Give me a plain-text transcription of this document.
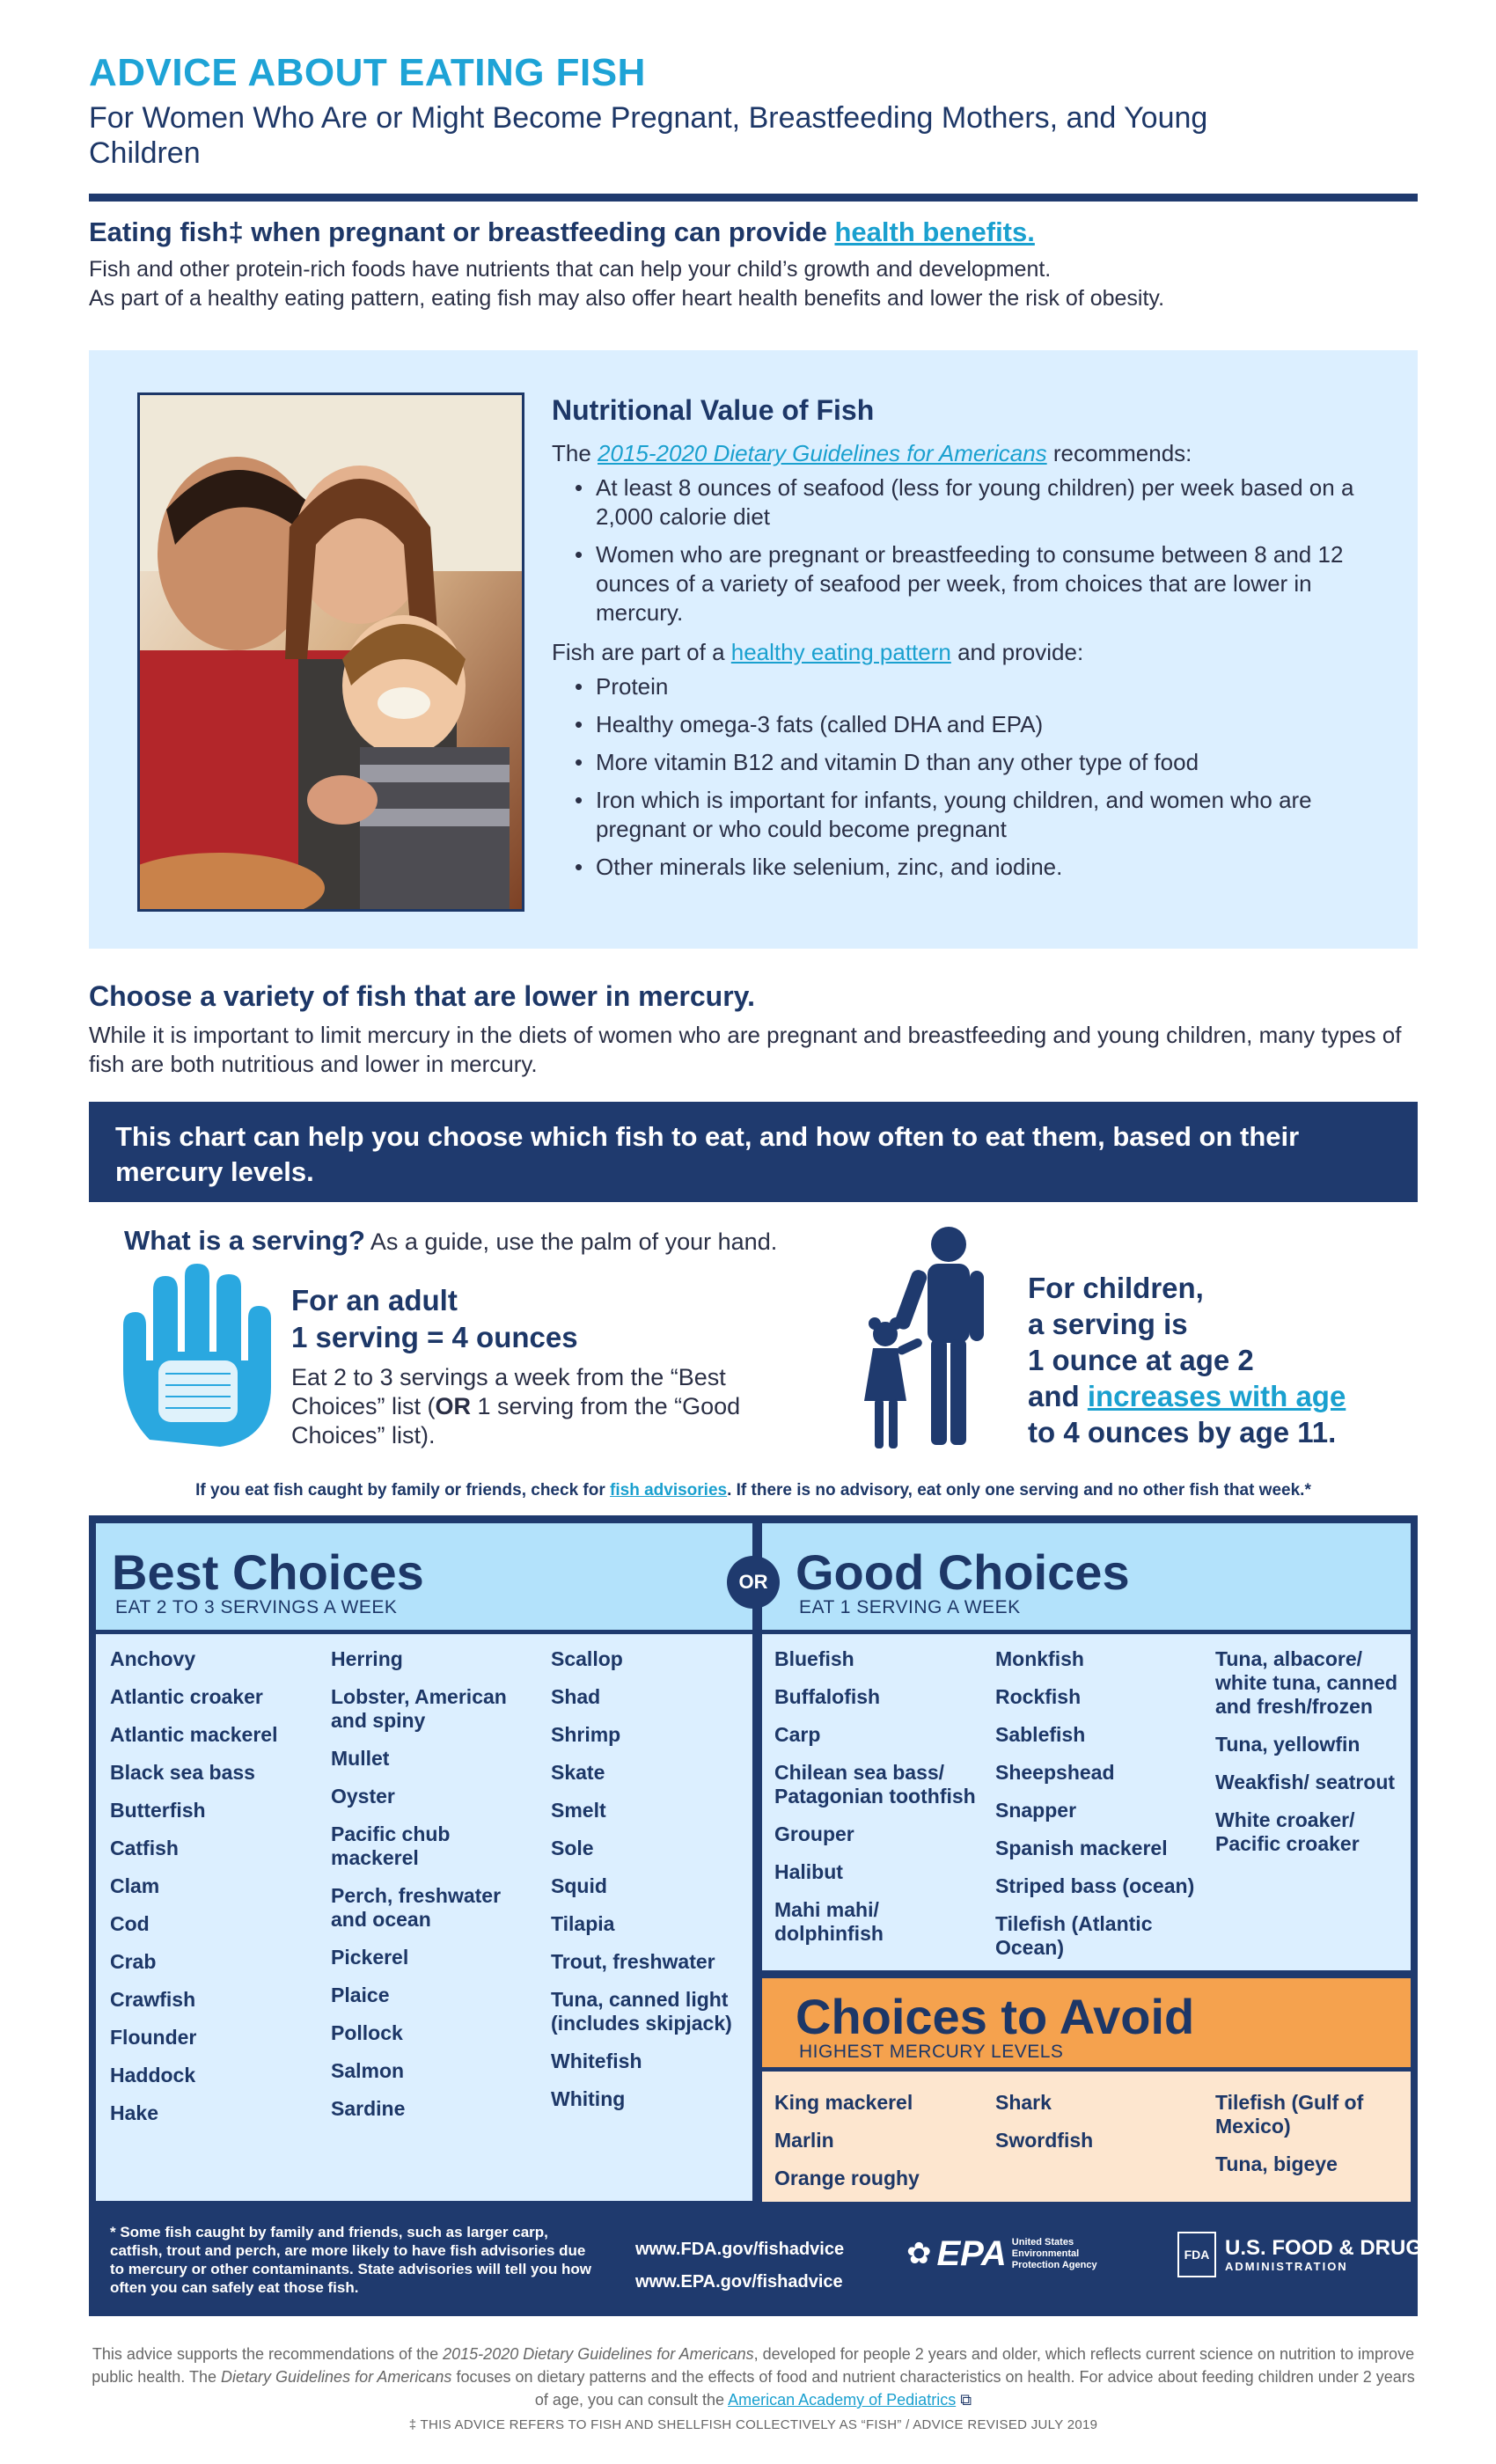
ADVICE ABOUT EATING FISH
For Women Who Are or Might Become Pregnant, Breastfeeding Mothers, and Young Children
Eating fish‡ when pregnant or breastfeeding can provide health benefits.
Fish and other protein-rich foods have nutrients that can help your child’s growth and development.
As part of a healthy eating pattern, eating fish may also offer heart health benefits and lower the risk of obesity.
Nutritional Value of Fish
The 2015-2020 Dietary Guidelines for Americans recommends:
• At least 8 ounces of seafood (less for young children) per week based on a 2,000 calorie diet
• Women who are pregnant or breastfeeding to consume between 8 and 12 ounces of a variety of seafood per week, from choices that are lower in mercury.
Fish are part of a healthy eating pattern and provide:
• Protein
• Healthy omega-3 fats (called DHA and EPA)
• More vitamin B12 and vitamin D than any other type of food
• Iron which is important for infants, young children, and women who are pregnant or who could become pregnant
• Other minerals like selenium, zinc, and iodine.
Choose a variety of fish that are lower in mercury.
While it is important to limit mercury in the diets of women who are pregnant and breastfeeding and young children, many types of fish are both nutritious and lower in mercury.
This chart can help you choose which fish to eat, and how often to eat them, based on their mercury levels.
What is a serving? As a guide, use the palm of your hand.
For an adult
1 serving = 4 ounces
Eat 2 to 3 servings a week from the “Best Choices” list (OR 1 serving from the “Good Choices” list).
For children,
a serving is
1 ounce at age 2
and increases with age
to 4 ounces by age 11.
If you eat fish caught by family or friends, check for fish advisories. If there is no advisory, eat only one serving and no other fish that week.*
Best Choices
EAT 2 TO 3 SERVINGS A WEEK
Good Choices
EAT 1 SERVING A WEEK
OR
Choices to Avoid
HIGHEST MERCURY LEVELS
Anchovy
Atlantic croaker
Atlantic mackerel
Black sea bass
Butterfish
Catfish
Clam
Cod
Crab
Crawfish
Flounder
Haddock
Hake
Herring
Lobster, American and spiny
Mullet
Oyster
Pacific chub mackerel
Perch, freshwater and ocean
Pickerel
Plaice
Pollock
Salmon
Sardine
Scallop
Shad
Shrimp
Skate
Smelt
Sole
Squid
Tilapia
Trout, freshwater
Tuna, canned light (includes skipjack)
Whitefish
Whiting
Bluefish
Buffalofish
Carp
Chilean sea bass/ Patagonian toothfish
Grouper
Halibut
Mahi mahi/ dolphinfish
Monkfish
Rockfish
Sablefish
Sheepshead
Snapper
Spanish mackerel
Striped bass (ocean)
Tilefish (Atlantic Ocean)
Tuna, albacore/ white tuna, canned and fresh/frozen
Tuna, yellowfin
Weakfish/ seatrout
White croaker/ Pacific croaker
King mackerel
Marlin
Orange roughy
Shark
Swordfish
Tilefish (Gulf of Mexico)
Tuna, bigeye
* Some fish caught by family and friends, such as larger carp, catfish, trout and perch, are more likely to have fish advisories due to mercury or other contaminants. State advisories will tell you how often you can safely eat those fish.
www.FDA.gov/fishadvice
www.EPA.gov/fishadvice
✿ EPA United States Environmental Protection Agency
FDA U.S. FOOD & DRUG
ADMINISTRATION
This advice supports the recommendations of the 2015-2020 Dietary Guidelines for Americans, developed for people 2 years and older, which reflects current science on nutrition to improve public health. The Dietary Guidelines for Americans focuses on dietary patterns and the effects of food and nutrient characteristics on health. For advice about feeding children under 2 years of age, you can consult the American Academy of Pediatrics ⧉
‡ THIS ADVICE REFERS TO FISH AND SHELLFISH COLLECTIVELY AS “FISH” / ADVICE REVISED JULY 2019
